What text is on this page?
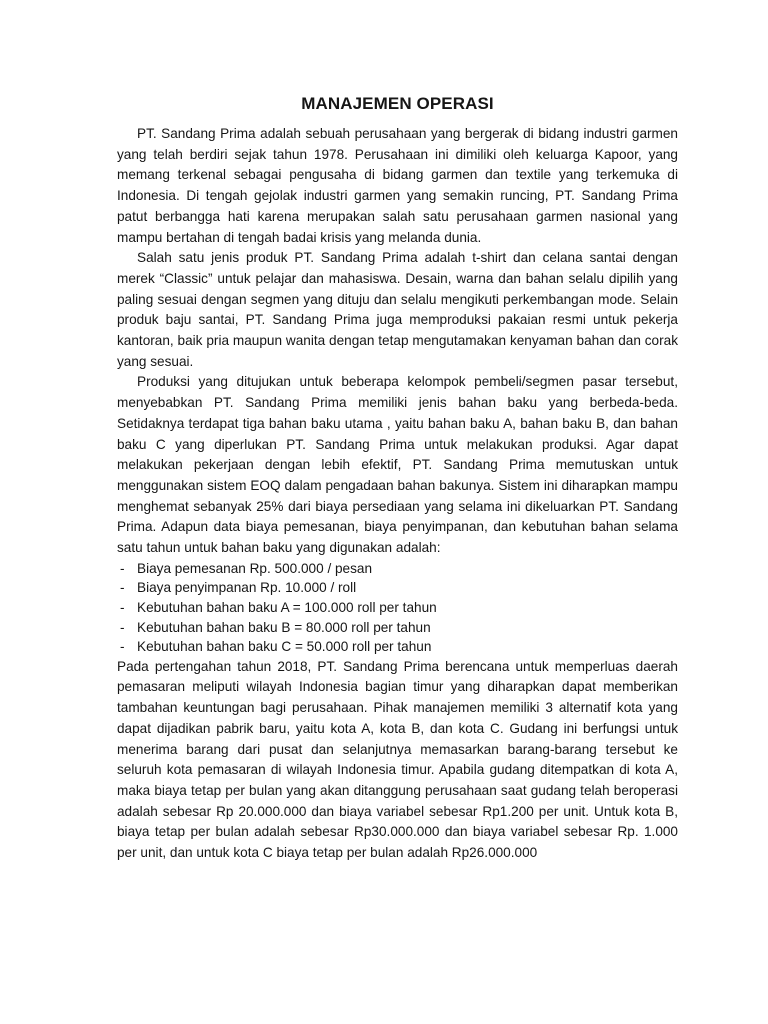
MANAJEMEN OPERASI

PT. Sandang Prima adalah sebuah perusahaan yang bergerak di bidang industri garmen yang telah berdiri sejak tahun 1978. Perusahaan ini dimiliki oleh keluarga Kapoor, yang memang terkenal sebagai pengusaha di bidang garmen dan textile yang terkemuka di Indonesia. Di tengah gejolak industri garmen yang semakin runcing, PT. Sandang Prima patut berbangga hati karena merupakan salah satu perusahaan garmen nasional yang mampu bertahan di tengah badai krisis yang melanda dunia.

Salah satu jenis produk PT. Sandang Prima adalah t-shirt dan celana santai dengan merek “Classic” untuk pelajar dan mahasiswa. Desain, warna dan bahan selalu dipilih yang paling sesuai dengan segmen yang dituju dan selalu mengikuti perkembangan mode. Selain produk baju santai, PT. Sandang Prima juga memproduksi pakaian resmi untuk pekerja kantoran, baik pria maupun wanita dengan tetap mengutamakan kenyaman bahan dan corak yang sesuai.

Produksi yang ditujukan untuk beberapa kelompok pembeli/segmen pasar tersebut, menyebabkan PT. Sandang Prima memiliki jenis bahan baku yang berbeda-beda. Setidaknya terdapat tiga bahan baku utama , yaitu bahan baku A, bahan baku B, dan bahan baku C yang diperlukan PT. Sandang Prima untuk melakukan produksi. Agar dapat melakukan pekerjaan dengan lebih efektif, PT. Sandang Prima memutuskan untuk menggunakan sistem EOQ dalam pengadaan bahan bakunya. Sistem ini diharapkan mampu menghemat sebanyak 25% dari biaya persediaan yang selama ini dikeluarkan PT. Sandang Prima. Adapun data biaya pemesanan, biaya penyimpanan, dan kebutuhan bahan selama satu tahun untuk bahan baku yang digunakan adalah:

- Biaya pemesanan Rp. 500.000 / pesan
- Biaya penyimpanan Rp. 10.000 / roll
- Kebutuhan bahan baku A = 100.000 roll per tahun
- Kebutuhan bahan baku B = 80.000 roll per tahun
- Kebutuhan bahan baku C = 50.000 roll per tahun

Pada pertengahan tahun 2018, PT. Sandang Prima berencana untuk memperluas daerah pemasaran meliputi wilayah Indonesia bagian timur yang diharapkan dapat memberikan tambahan keuntungan bagi perusahaan. Pihak manajemen memiliki 3 alternatif kota yang dapat dijadikan pabrik baru, yaitu kota A, kota B, dan kota C. Gudang ini berfungsi untuk menerima barang dari pusat dan selanjutnya memasarkan barang-barang tersebut ke seluruh kota pemasaran di wilayah Indonesia timur. Apabila gudang ditempatkan di kota A, maka biaya tetap per bulan yang akan ditanggung perusahaan saat gudang telah beroperasi adalah sebesar Rp 20.000.000 dan biaya variabel sebesar Rp1.200 per unit. Untuk kota B, biaya tetap per bulan adalah sebesar Rp30.000.000 dan biaya variabel sebesar Rp. 1.000 per unit, dan untuk kota C biaya tetap per bulan adalah Rp26.000.000
